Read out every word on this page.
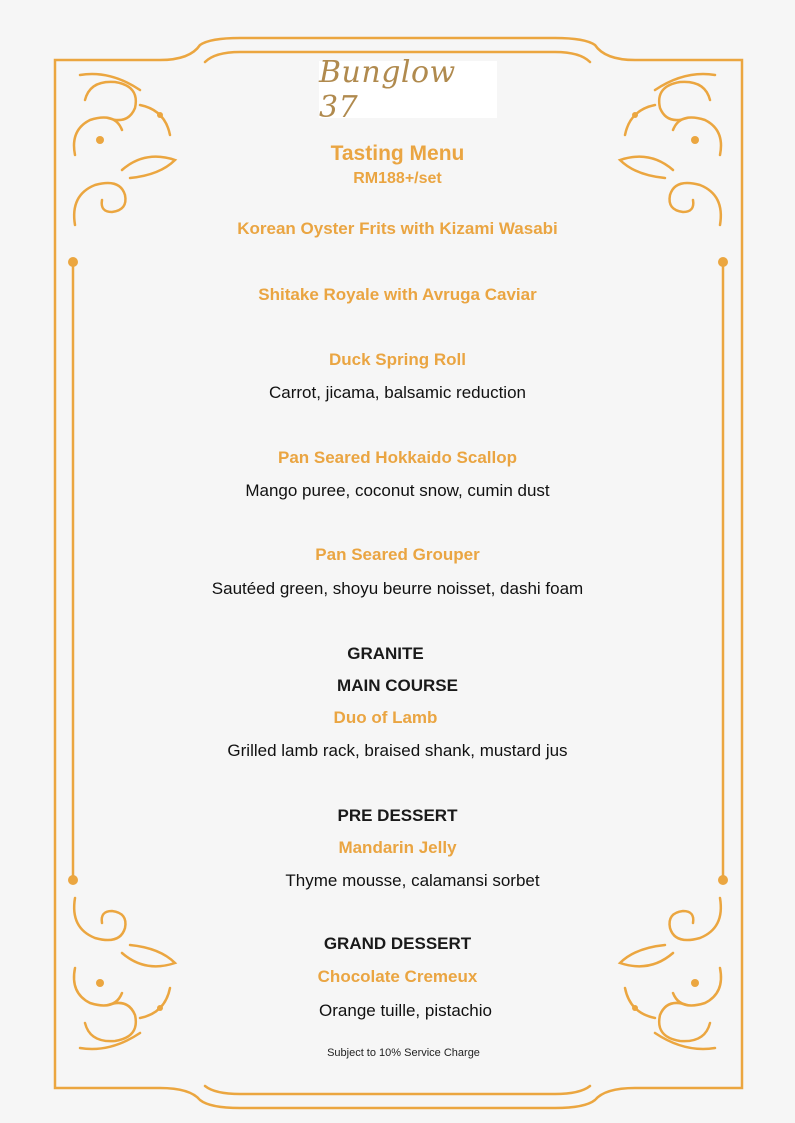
Bunglow 37
Tasting Menu
RM188+/set
Korean Oyster Frits with Kizami Wasabi
Shitake Royale with Avruga Caviar
Duck Spring Roll
Carrot, jicama, balsamic reduction
Pan Seared Hokkaido Scallop
Mango puree, coconut snow, cumin dust
Pan Seared Grouper
Sautéed green, shoyu beurre noisset, dashi foam
GRANITE
MAIN COURSE
Duo of Lamb
Grilled lamb rack, braised shank, mustard jus
PRE DESSERT
Mandarin Jelly
Thyme mousse, calamansi sorbet
GRAND DESSERT
Chocolate Cremeux
Orange tuille, pistachio
Subject to 10% Service Charge
